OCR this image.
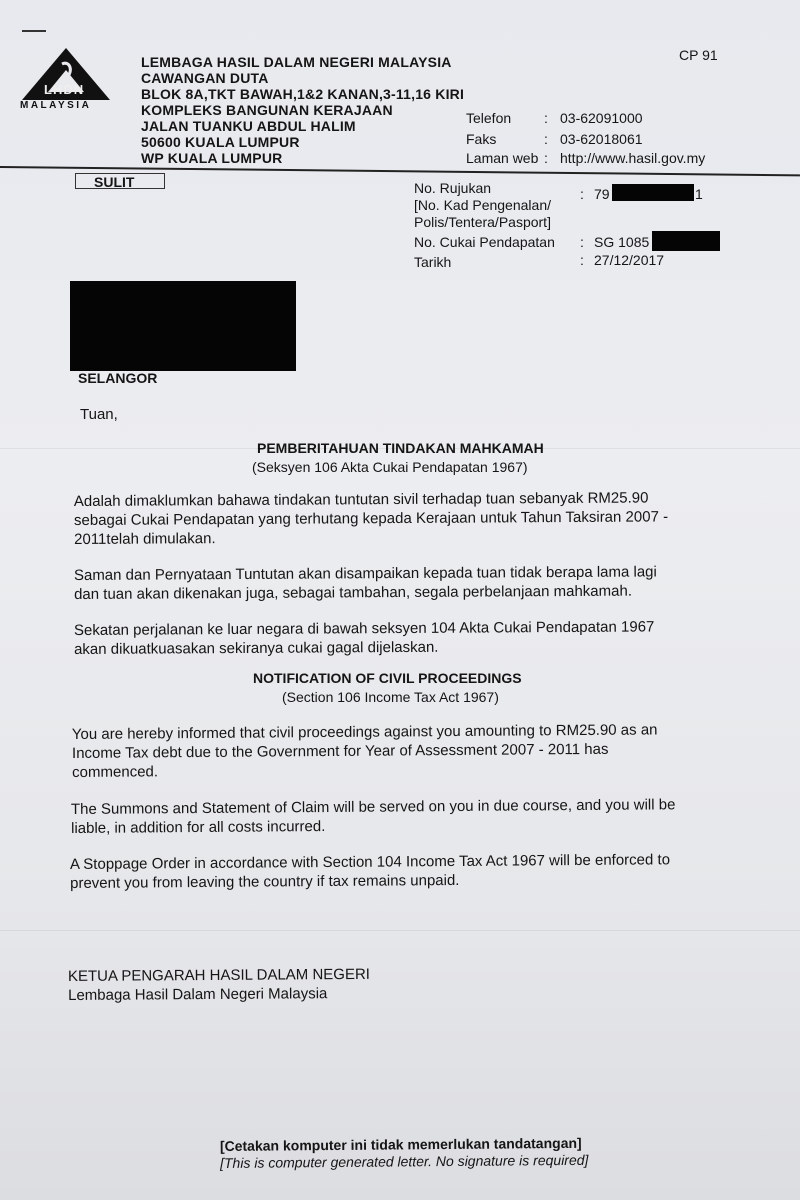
LHDN
MALAYSIA
LEMBAGA HASIL DALAM NEGERI MALAYSIA
CAWANGAN DUTA
BLOK 8A,TKT BAWAH,1&2 KANAN,3-11,16 KIRI
KOMPLEKS BANGUNAN KERAJAAN
JALAN TUANKU ABDUL HALIM
50600 KUALA LUMPUR
WP KUALA LUMPUR
CP 91
Telefon : 03-62091000
Faks	: 03-62018061
Laman web : http://www.hasil.gov.my
SULIT	No. Rujukan
[No. Kad Pengenalan/
Polis/Tentera/Pasport]
: 79	1
No. Cukai Pendapatan : SG 1085
Tarikh	: 27/12/2017
SELANGOR
Tuan,
PEMBERITAHUAN TINDAKAN MAHKAMAH
(Seksyen 106 Akta Cukai Pendapatan 1967)
Adalah dimaklumkan bahawa tindakan tuntutan sivil terhadap tuan sebanyak RM25.90
sebagai Cukai Pendapatan yang terhutang kepada Kerajaan untuk Tahun Taksiran 2007 -
2011telah dimulakan.
Saman dan Pernyataan Tuntutan akan disampaikan kepada tuan tidak berapa lama lagi
dan tuan akan dikenakan juga, sebagai tambahan, segala perbelanjaan mahkamah.
Sekatan perjalanan ke luar negara di bawah seksyen 104 Akta Cukai Pendapatan 1967
akan dikuatkuasakan sekiranya cukai gagal dijelaskan.
NOTIFICATION OF CIVIL PROCEEDINGS
(Section 106 Income Tax Act 1967)
You are hereby informed that civil proceedings against you amounting to RM25.90 as an
Income Tax debt due to the Government for Year of Assessment 2007 - 2011 has
commenced.
The Summons and Statement of Claim will be served on you in due course, and you will be
liable, in addition for all costs incurred.
A Stoppage Order in accordance with Section 104 Income Tax Act 1967 will be enforced to
prevent you from leaving the country if tax remains unpaid.
KETUA PENGARAH HASIL DALAM NEGERI
Lembaga Hasil Dalam Negeri Malaysia
[Cetakan komputer ini tidak memerlukan tandatangan]
[This is computer generated letter. No signature is required]
